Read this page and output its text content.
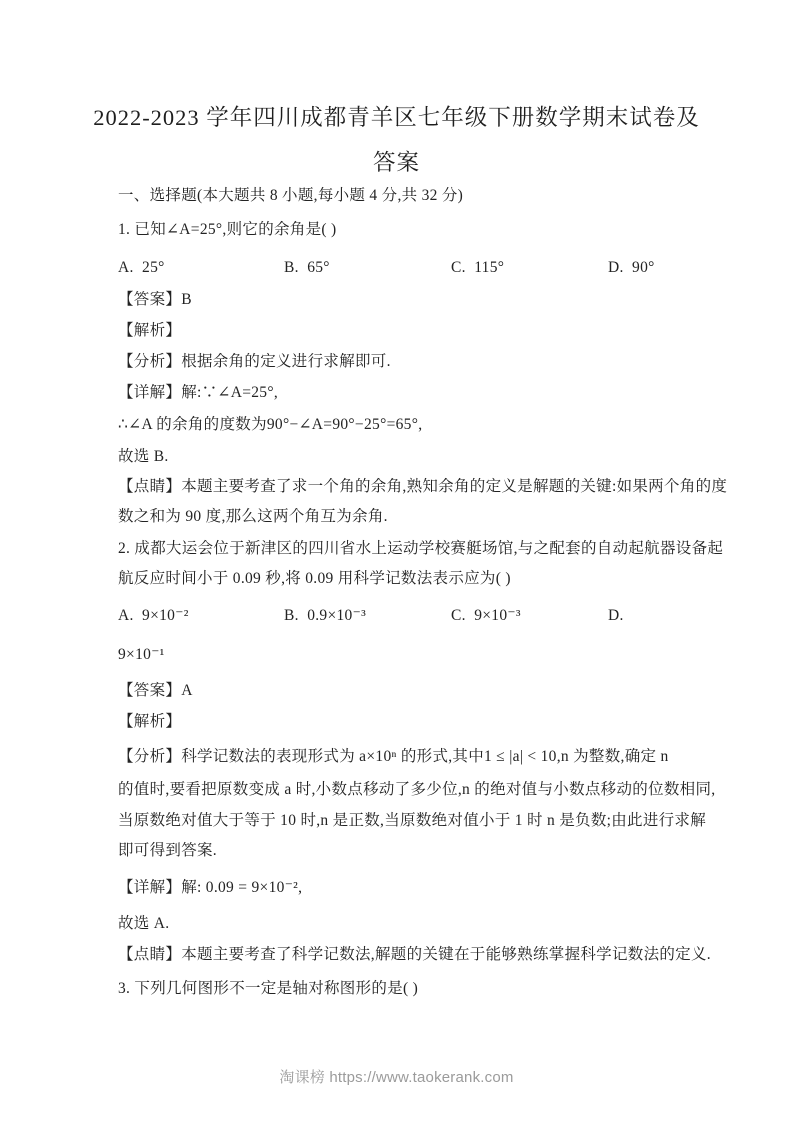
2022-2023 学年四川成都青羊区七年级下册数学期末试卷及
答案
一、选择题(本大题共 8 小题,每小题 4 分,共 32 分)
1. 已知∠A=25°,则它的余角是( )
A. 25°	B. 65°	C. 115°	D. 90°
【答案】B
【解析】
【分析】根据余角的定义进行求解即可.
【详解】解:∵∠A=25°,
∴∠A 的余角的度数为90°−∠A=90°−25°=65°,
故选 B.
【点睛】本题主要考查了求一个角的余角,熟知余角的定义是解题的关键:如果两个角的度
数之和为 90 度,那么这两个角互为余角.
2. 成都大运会位于新津区的四川省水上运动学校赛艇场馆,与之配套的自动起航器设备起
航反应时间小于 0.09 秒,将 0.09 用科学记数法表示应为( )
A. 9×10⁻²	B. 0.9×10⁻³	C. 9×10⁻³	D.
9×10⁻¹
【答案】A
【解析】
【分析】科学记数法的表现形式为 a×10ⁿ 的形式,其中1 ≤ |a| < 10,n 为整数,确定 n
的值时,要看把原数变成 a 时,小数点移动了多少位,n 的绝对值与小数点移动的位数相同,
当原数绝对值大于等于 10 时,n 是正数,当原数绝对值小于 1 时 n 是负数;由此进行求解
即可得到答案.
【详解】解: 0.09 = 9×10⁻²,
故选 A.
【点睛】本题主要考查了科学记数法,解题的关键在于能够熟练掌握科学记数法的定义.
3. 下列几何图形不一定是轴对称图形的是( )
淘课榜 https://www.taokerank.com
